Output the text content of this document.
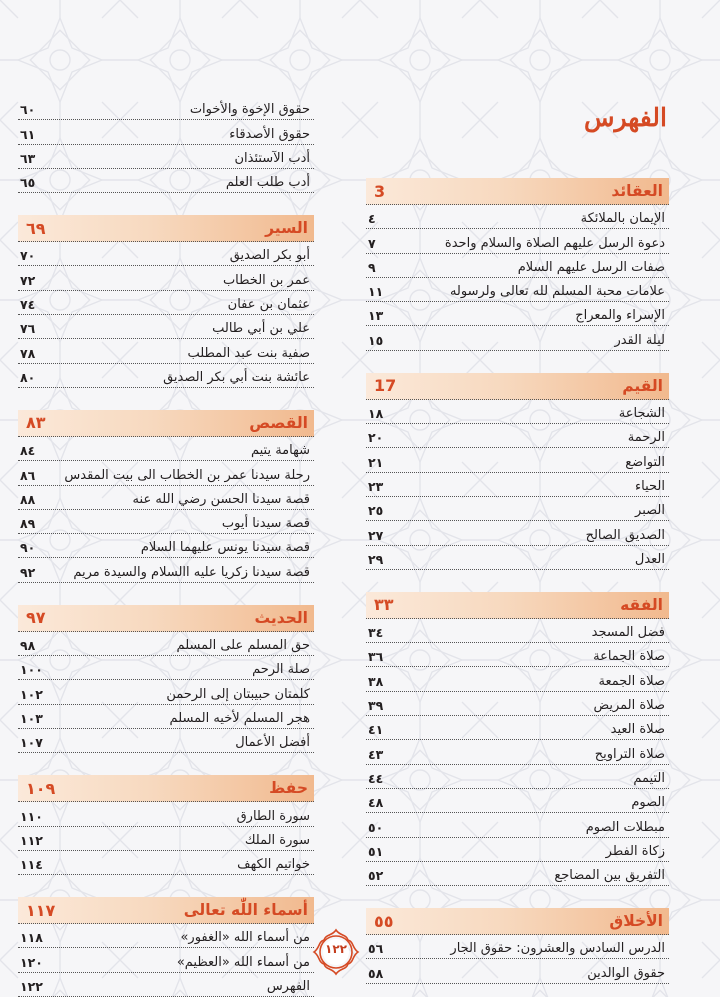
الفهرس
العقائد
3
الإيمان بالملائكة
٤
دعوة الرسل عليهم الصلاة والسلام واحدة
٧
صفات الرسل عليهم السلام
٩
علامات محبة المسلم لله تعالى ولرسوله
١١
الإسراء والمعراج
١٣
ليلة القدر
١٥
القيم
17
الشجاعة
١٨
الرحمة
٢٠
التواضع
٢١
الحياء
٢٣
الصبر
٢٥
الصديق الصالح
٢٧
العدل
٢٩
الفقه
٣٣
فضل المسجد
٣٤
صلاة الجماعة
٣٦
صلاة الجمعة
٣٨
صلاة المريض
٣٩
صلاة العيد
٤١
صلاة التراويح
٤٣
التيمم
٤٤
الصوم
٤٨
مبطلات الصوم
٥٠
زكاة الفطر
٥١
التفريق بين المضاجع
٥٢
الأخلاق
٥٥
الدرس السادس والعشرون: حقوق الجار
٥٦
حقوق الوالدين
٥٨
حقوق الإخوة والأخوات
٦٠
حقوق الأصدقاء
٦١
أدب الآستئذان
٦٣
أدب طلب العلم
٦٥
السير
٦٩
أبو بكر الصديق
٧٠
عمر بن الخطاب
٧٢
عثمان بن عفان
٧٤
علي بن أبي طالب
٧٦
صفية بنت عبد المطلب
٧٨
عائشة بنت أبي بكر الصديق
٨٠
القصص
٨٣
شهامة يتيم
٨٤
رحلة سيدنا عمر بن الخطاب الى بيت المقدس
٨٦
قصة سيدنا الحسن رضي الله عنه
٨٨
قصة سيدنا أيوب
٨٩
قصة سيدنا يونس عليهما السلام
٩٠
قصة سيدنا زكريا عليه االسلام والسيدة مريم
٩٢
الحديث
٩٧
حق المسلم على المسلم
٩٨
صلة الرحم
١٠٠
كلمتان حبيبتان إلى الرحمن
١٠٢
هجر المسلم لأخيه المسلم
١٠٣
أفضل الأعمال
١٠٧
حفظ
١٠٩
سورة الطارق
١١٠
سورة الملك
١١٢
خواتيم الكهف
١١٤
أسماء اللّٰه تعالى
١١٧
من أسماء الله «الغفور»
١١٨
من أسماء الله «العظيم»
١٢٠
الفهرس
١٢٢
١٢٢
